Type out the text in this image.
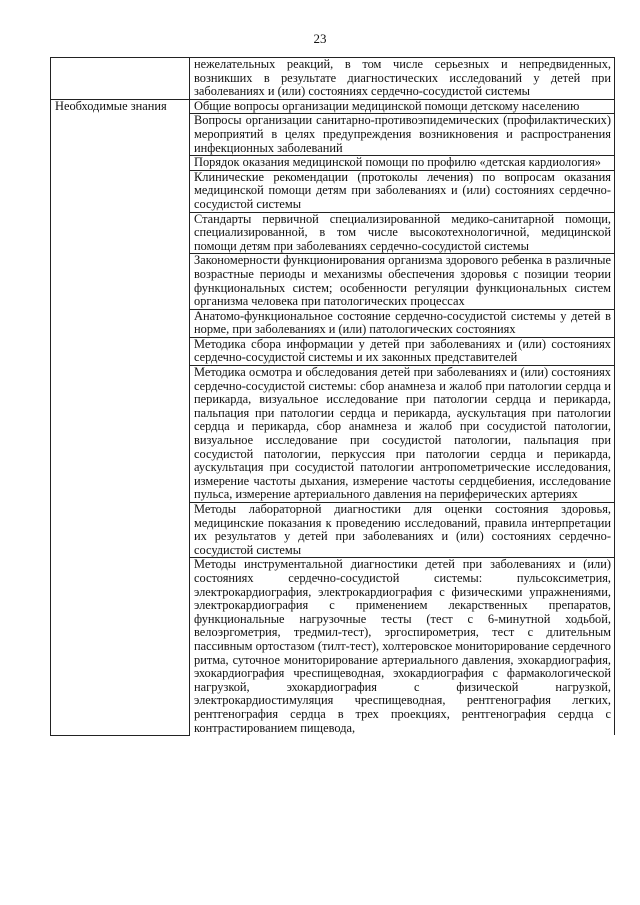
23

	нежелательных реакций, в том числе серьезных и непредвиденных, возникших в результате диагностических исследований у детей при заболеваниях и (или) состояниях сердечно-сосудистой системы

Необходимые знания	Общие вопросы организации медицинской помощи детскому населению

	Вопросы организации санитарно-противоэпидемических (профилактических) мероприятий в целях предупреждения возникновения и распространения инфекционных заболеваний

	Порядок оказания медицинской помощи по профилю «детская кардиология»

	Клинические рекомендации (протоколы лечения) по вопросам оказания медицинской помощи детям при заболеваниях и (или) состояниях сердечно-сосудистой системы

	Стандарты первичной специализированной медико-санитарной помощи, специализированной, в том числе высокотехнологичной, медицинской помощи детям при заболеваниях сердечно-сосудистой системы

	Закономерности функционирования организма здорового ребенка в различные возрастные периоды и механизмы обеспечения здоровья с позиции теории функциональных систем; особенности регуляции функциональных систем организма человека при патологических процессах

	Анатомо-функциональное состояние сердечно-сосудистой системы у детей в норме, при заболеваниях и (или) патологических состояниях

	Методика сбора информации у детей при заболеваниях и (или) состояниях сердечно-сосудистой системы и их законных представителей

	Методика осмотра и обследования детей при заболеваниях и (или) состояниях сердечно-сосудистой системы: сбор анамнеза и жалоб при патологии сердца и перикарда, визуальное исследование при патологии сердца и перикарда, пальпация при патологии сердца и перикарда, аускультация при патологии сердца и перикарда, сбор анамнеза и жалоб при сосудистой патологии, визуальное исследование при сосудистой патологии, пальпация при сосудистой патологии, перкуссия при патологии сердца и перикарда, аускультация при сосудистой патологии антропометрические исследования, измерение частоты дыхания, измерение частоты сердцебиения, исследование пульса, измерение артериального давления на периферических артериях

	Методы лабораторной диагностики для оценки состояния здоровья, медицинские показания к проведению исследований, правила интерпретации их результатов у детей при заболеваниях и (или) состояниях сердечно-сосудистой системы

	Методы инструментальной диагностики детей при заболеваниях и (или) состояниях сердечно-сосудистой системы: пульсоксиметрия, электрокардиография, электрокардиография с физическими упражнениями, электрокардиография с применением лекарственных препаратов, функциональные нагрузочные тесты (тест с 6-минутной ходьбой, велоэргометрия, тредмил-тест), эргоспирометрия, тест с длительным пассивным ортостазом (тилт-тест), холтеровское мониторирование сердечного ритма, суточное мониторирование артериального давления, эхокардиография, эхокардиография чреспищеводная, эхокардиография с фармакологической нагрузкой, эхокардиография с физической нагрузкой, электрокардиостимуляция чреспищеводная, рентгенография легких, рентгенография сердца в трех проекциях, рентгенография сердца с контрастированием пищевода,
